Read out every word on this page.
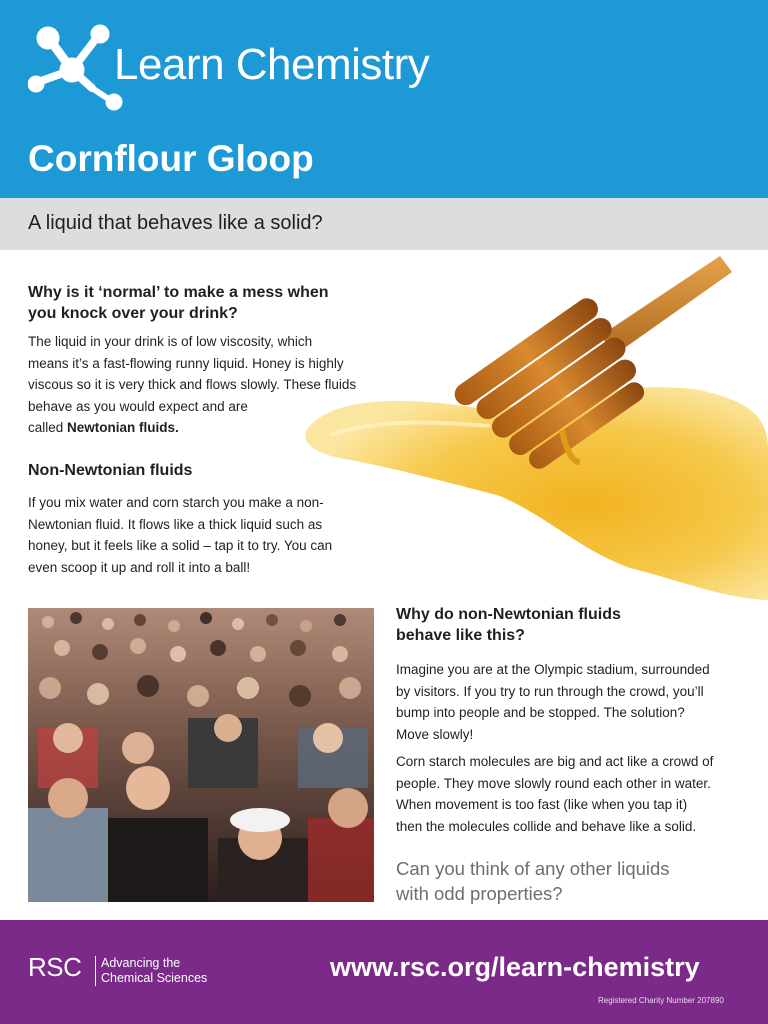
Learn Chemistry
Cornflour Gloop
A liquid that behaves like a solid?
Why is it ‘normal’ to make a mess when
you knock over your drink?
The liquid in your drink is of low viscosity, which
means it’s a fast-flowing runny liquid. Honey is highly
viscous so it is very thick and flows slowly. These fluids
behave as you would expect and are
called Newtonian fluids.
Non-Newtonian fluids
If you mix water and corn starch you make a non-
Newtonian fluid. It flows like a thick liquid such as
honey, but it feels like a solid – tap it to try. You can
even scoop it up and roll it into a ball!
Why do non-Newtonian fluids
behave like this?
Imagine you are at the Olympic stadium, surrounded
by visitors. If you try to run through the crowd, you’ll
bump into people and be stopped. The solution?
Move slowly!
Corn starch molecules are big and act like a crowd of
people. They move slowly round each other in water.
When movement is too fast (like when you tap it)
then the molecules collide and behave like a solid.
Can you think of any other liquids
with odd properties?
RSC Advancing the
Chemical Sciences	www.rsc.org/learn-chemistry
Registered Charity Number 207890
